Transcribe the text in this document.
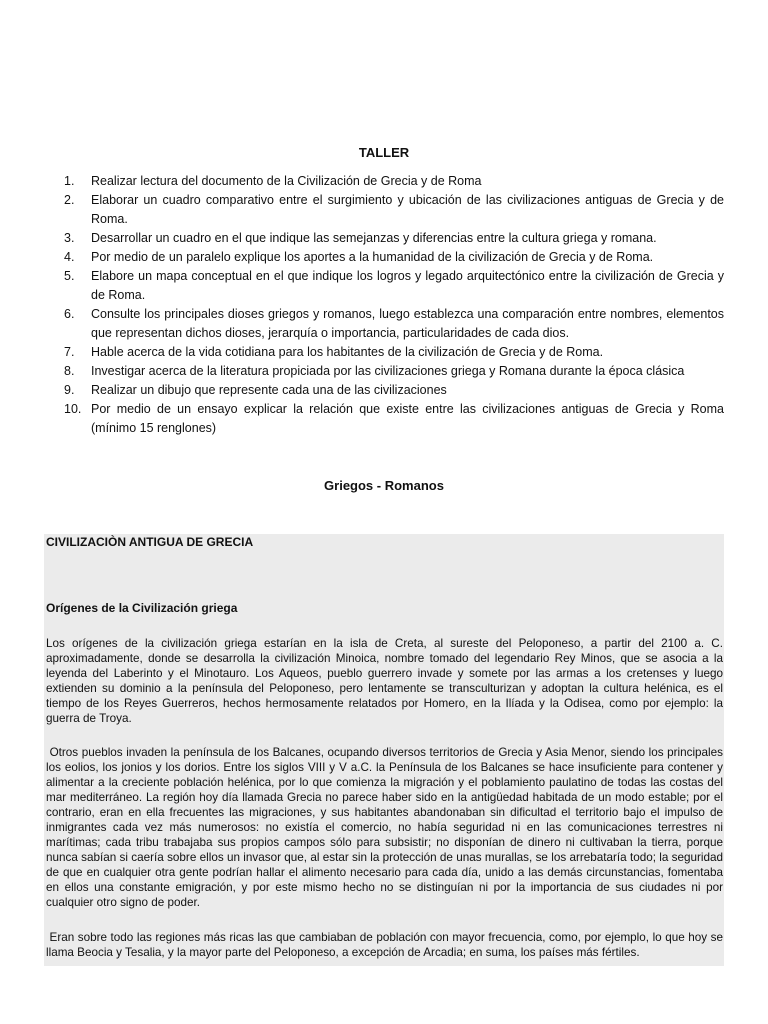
TALLER
1. Realizar lectura del documento de la Civilización de Grecia y de Roma
2. Elaborar un cuadro comparativo entre el surgimiento y ubicación de las civilizaciones antiguas de Grecia y de Roma.
3. Desarrollar un cuadro en el que indique las semejanzas y diferencias entre la cultura griega y romana.
4. Por medio de un paralelo explique los aportes a la humanidad de la civilización de Grecia y de Roma.
5. Elabore un mapa conceptual en el que indique los logros y legado arquitectónico entre la civilización de Grecia y de Roma.
6. Consulte los principales dioses griegos y romanos, luego establezca una comparación entre nombres, elementos que representan dichos dioses, jerarquía o importancia, particularidades de cada dios.
7. Hable acerca de la vida cotidiana para los habitantes de la civilización de Grecia y de Roma.
8. Investigar acerca de la literatura propiciada por las civilizaciones griega y Romana durante la época clásica
9. Realizar un dibujo que represente cada una de las civilizaciones
10. Por medio de un ensayo explicar la relación que existe entre las civilizaciones antiguas de Grecia y Roma (mínimo 15 renglones)
Griegos - Romanos
CIVILIZACIÒN ANTIGUA DE GRECIA
Orígenes de la Civilización griega

Los orígenes de la civilización griega estarían en la isla de Creta, al sureste del Peloponeso, a partir del 2100 a. C. aproximadamente, donde se desarrolla la civilización Minoica, nombre tomado del legendario Rey Minos, que se asocia a la leyenda del Laberinto y el Minotauro. Los Aqueos, pueblo guerrero invade y somete por las armas a los cretenses y luego extienden su dominio a la península del Peloponeso, pero lentamente se transculturizan y adoptan la cultura helénica, es el tiempo de los Reyes Guerreros, hechos hermosamente relatados por Homero, en la Ilíada y la Odisea, como por ejemplo: la guerra de Troya.

Otros pueblos invaden la península de los Balcanes, ocupando diversos territorios de Grecia y Asia Menor, siendo los principales los eolios, los jonios y los dorios. Entre los siglos VIII y V a.C. la Península de los Balcanes se hace insuficiente para contener y alimentar a la creciente población helénica, por lo que comienza la migración y el poblamiento paulatino de todas las costas del mar mediterráneo. La región hoy día llamada Grecia no parece haber sido en la antigüedad habitada de un modo estable; por el contrario, eran en ella frecuentes las migraciones, y sus habitantes abandonaban sin dificultad el territorio bajo el impulso de inmigrantes cada vez más numerosos: no existía el comercio, no había seguridad ni en las comunicaciones terrestres ni marítimas; cada tribu trabajaba sus propios campos sólo para subsistir; no disponían de dinero ni cultivaban la tierra, porque nunca sabían si caería sobre ellos un invasor que, al estar sin la protección de unas murallas, se los arrebataría todo; la seguridad de que en cualquier otra gente podrían hallar el alimento necesario para cada día, unido a las demás circunstancias, fomentaba en ellos una constante emigración, y por este mismo hecho no se distinguían ni por la importancia de sus ciudades ni por cualquier otro signo de poder.

Eran sobre todo las regiones más ricas las que cambiaban de población con mayor frecuencia, como, por ejemplo, lo que hoy se llama Beocia y Tesalia, y la mayor parte del Peloponeso, a excepción de Arcadia; en suma, los países más fértiles.
